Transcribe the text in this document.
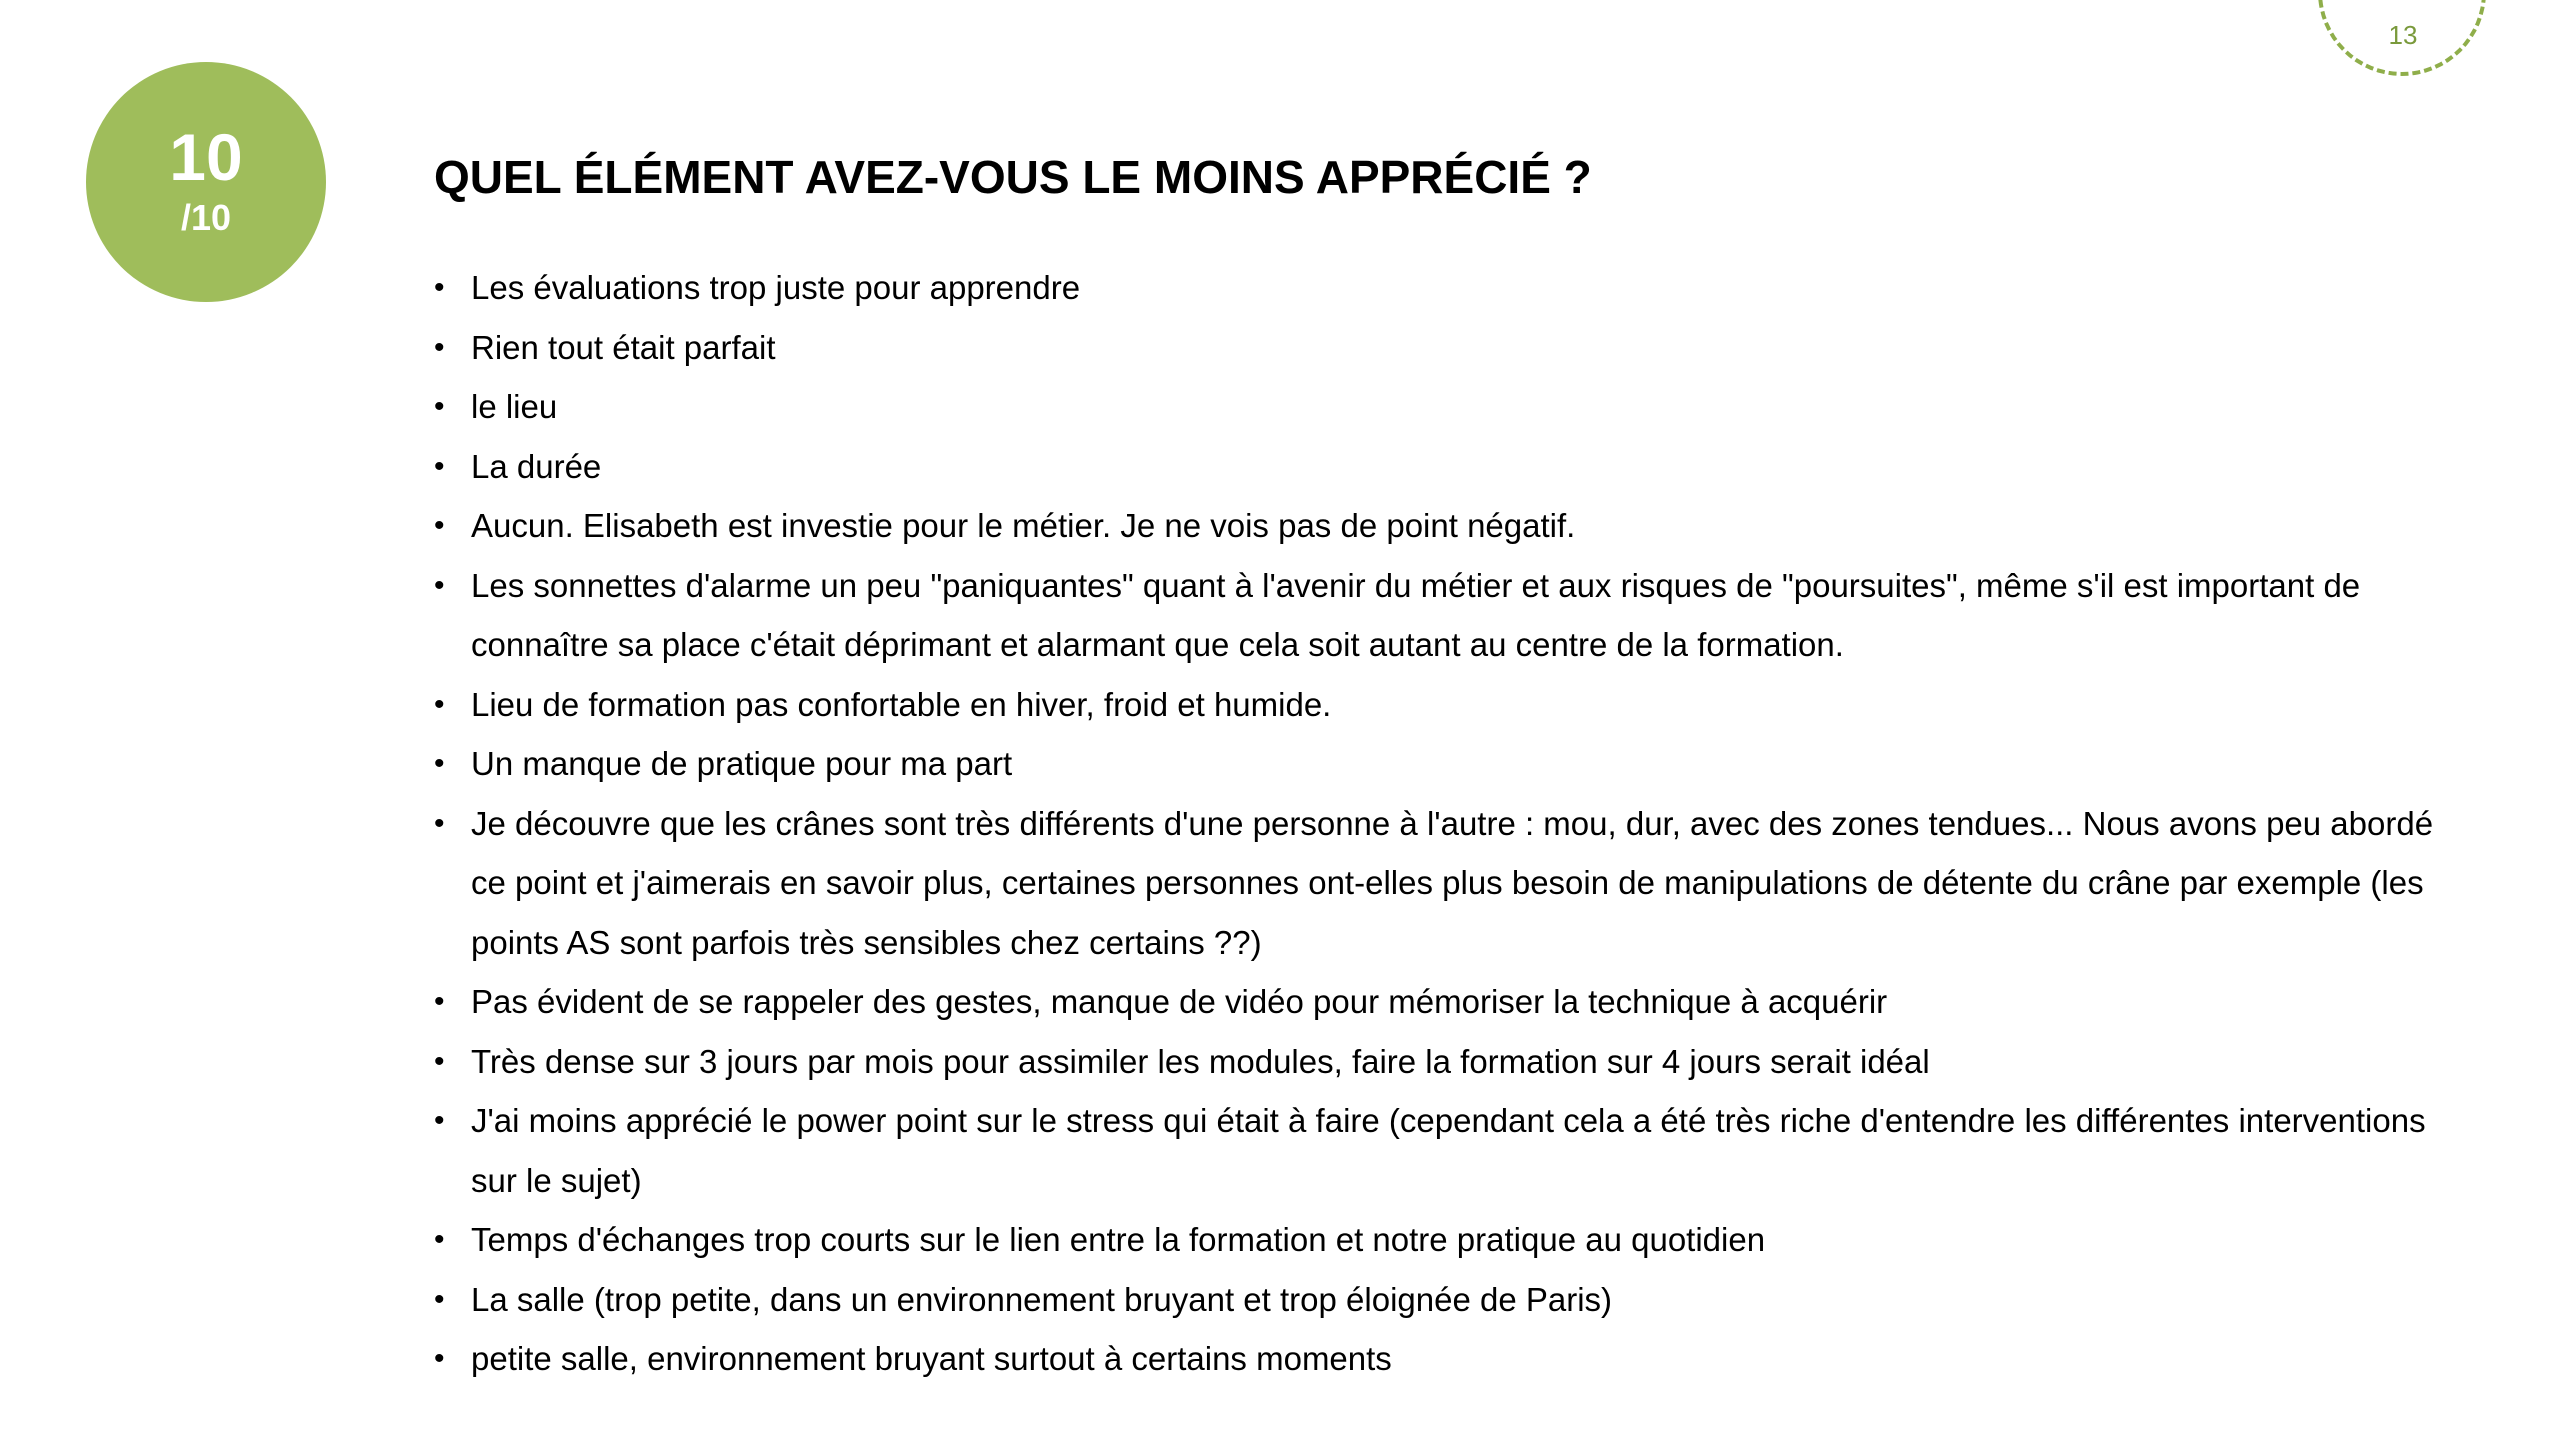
10
/10
13
QUEL ÉLÉMENT AVEZ-VOUS LE MOINS APPRÉCIÉ ?
• Les évaluations trop juste pour apprendre
• Rien tout était parfait
• le lieu
• La durée
• Aucun. Elisabeth est investie pour le métier. Je ne vois pas de point négatif.
• Les sonnettes d'alarme un peu "paniquantes" quant à l'avenir du métier et aux risques de "poursuites", même s'il est important de connaître sa place c'était déprimant et alarmant que cela soit autant au centre de la formation.
• Lieu de formation pas confortable en hiver, froid et humide.
• Un manque de pratique pour ma part
• Je découvre que les crânes sont très différents d'une personne à l'autre : mou, dur, avec des zones tendues... Nous avons peu abordé ce point et j'aimerais en savoir plus, certaines personnes ont-elles plus besoin de manipulations de détente du crâne par exemple (les points AS sont parfois très sensibles chez certains ??)
• Pas évident de se rappeler des gestes, manque de vidéo pour mémoriser la technique à acquérir
• Très dense sur 3 jours par mois pour assimiler les modules, faire la formation sur 4 jours serait idéal
• J'ai moins apprécié le power point sur le stress qui était à faire (cependant cela a été très riche d'entendre les différentes interventions sur le sujet)
• Temps d'échanges trop courts sur le lien entre la formation et notre pratique au quotidien
• La salle (trop petite, dans un environnement bruyant et trop éloignée de Paris)
• petite salle, environnement bruyant surtout à certains moments
